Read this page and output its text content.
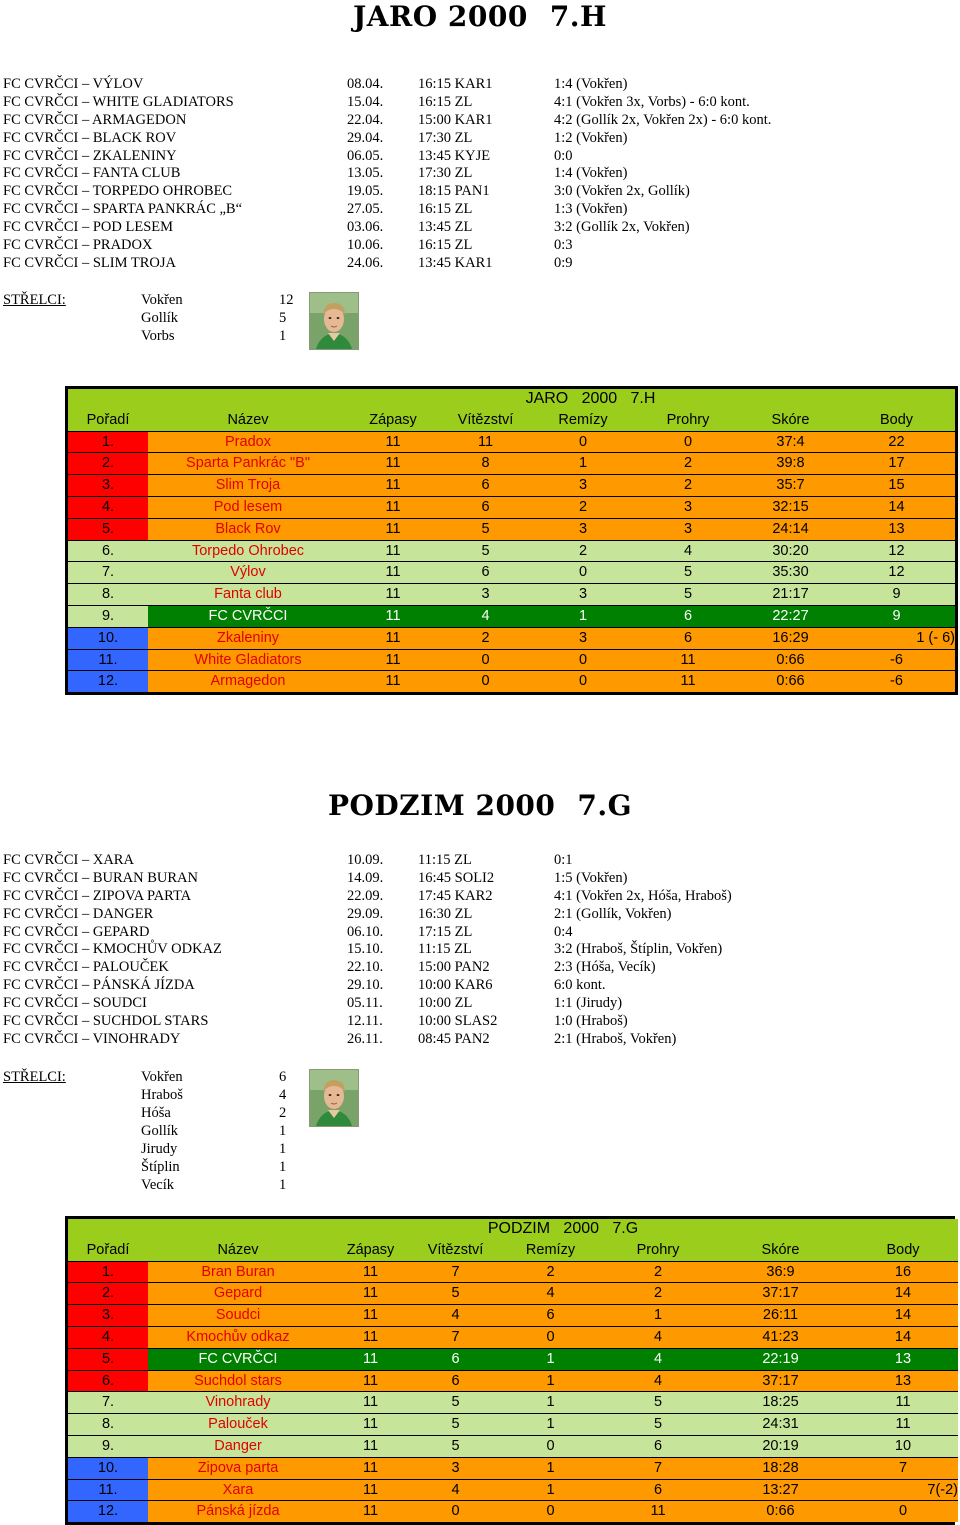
JARO 2000 7.H
FC CVRČCI – VÝLOV	08.04. 16:15 KAR1	1:4 (Vokřen)
FC CVRČCI – WHITE GLADIATORS	15.04. 16:15 ZL	4:1 (Vokřen 3x, Vorbs) - 6:0 kont.
FC CVRČCI – ARMAGEDON	22.04. 15:00 KAR1	4:2 (Gollík 2x, Vokřen 2x) - 6:0 kont.
FC CVRČCI – BLACK ROV	29.04. 17:30 ZL	1:2 (Vokřen)
FC CVRČCI – ZKALENINY	06.05. 13:45 KYJE	0:0
FC CVRČCI – FANTA CLUB	13.05. 17:30 ZL	1:4 (Vokřen)
FC CVRČCI – TORPEDO OHROBEC	19.05. 18:15 PAN1	3:0 (Vokřen 2x, Gollík)
FC CVRČCI – SPARTA PANKRÁC „B“	27.05. 16:15 ZL	1:3 (Vokřen)
FC CVRČCI – POD LESEM	03.06. 13:45 ZL	3:2 (Gollík 2x, Vokřen)
FC CVRČCI – PRADOX	10.06. 16:15 ZL	0:3
FC CVRČCI – SLIM TROJA	24.06. 13:45 KAR1	0:9
STŘELCI:	Vokřen	12
Gollík	5
Vorbs	1
			JARO   2000   7.H				
Pořadí	Název	Zápasy	Vítězství	Remízy	Prohry	Skóre	Body
1.	Pradox	11	11	0	0	37:4	22
2.	Sparta Pankrác "B"	11	8	1	2	39:8	17
3.	Slim Troja	11	6	3	2	35:7	15
4.	Pod lesem	11	6	2	3	32:15	14
5.	Black Rov	11	5	3	3	24:14	13
6.	Torpedo Ohrobec	11	5	2	4	30:20	12
7.	Výlov	11	6	0	5	35:30	12
8.	Fanta club	11	3	3	5	21:17	9
9.	FC CVRČCI	11	4	1	6	22:27	9
10.	Zkaleniny	11	2	3	6	16:29	1 (- 6)
11.	White Gladiators	11	0	0	11	0:66	-6
12.	Armagedon	11	0	0	11	0:66	-6
PODZIM 2000 7.G
FC CVRČCI – XARA	10.09. 11:15 ZL	0:1
FC CVRČCI – BURAN BURAN	14.09. 16:45 SOLI2	1:5 (Vokřen)
FC CVRČCI – ZIPOVA PARTA	22.09. 17:45 KAR2	4:1 (Vokřen 2x, Hóša, Hraboš)
FC CVRČCI – DANGER	29.09. 16:30 ZL	2:1 (Gollík, Vokřen)
FC CVRČCI – GEPARD	06.10. 17:15 ZL	0:4
FC CVRČCI – KMOCHŮV ODKAZ	15.10. 11:15 ZL	3:2 (Hraboš, Štíplin, Vokřen)
FC CVRČCI – PALOUČEK	22.10. 15:00 PAN2	2:3 (Hóša, Vecík)
FC CVRČCI – PÁNSKÁ JÍZDA	29.10. 10:00 KAR6	6:0 kont.
FC CVRČCI – SOUDCI	05.11. 10:00 ZL	1:1 (Jirudy)
FC CVRČCI – SUCHDOL STARS	12.11. 10:00 SLAS2	1:0 (Hraboš)
FC CVRČCI – VINOHRADY	26.11. 08:45 PAN2	2:1 (Hraboš, Vokřen)
STŘELCI:	Vokřen	6
Hraboš	4
Hóša	2
Gollík	1
Jirudy	1
Štíplin	1
Vecík	1
			PODZIM   2000   7.G				
Pořadí	Název	Zápasy	Vítězství	Remízy	Prohry	Skóre	Body
1.	Bran Buran	11	7	2	2	36:9	16
2.	Gepard	11	5	4	2	37:17	14
3.	Soudci	11	4	6	1	26:11	14
4.	Kmochův odkaz	11	7	0	4	41:23	14
5.	FC CVRČCI	11	6	1	4	22:19	13
6.	Suchdol stars	11	6	1	4	37:17	13
7.	Vinohrady	11	5	1	5	18:25	11
8.	Palouček	11	5	1	5	24:31	11
9.	Danger	11	5	0	6	20:19	10
10.	Zipova parta	11	3	1	7	18:28	7
11.	Xara	11	4	1	6	13:27	7(-2)
12.	Pánská jízda	11	0	0	11	0:66	0
